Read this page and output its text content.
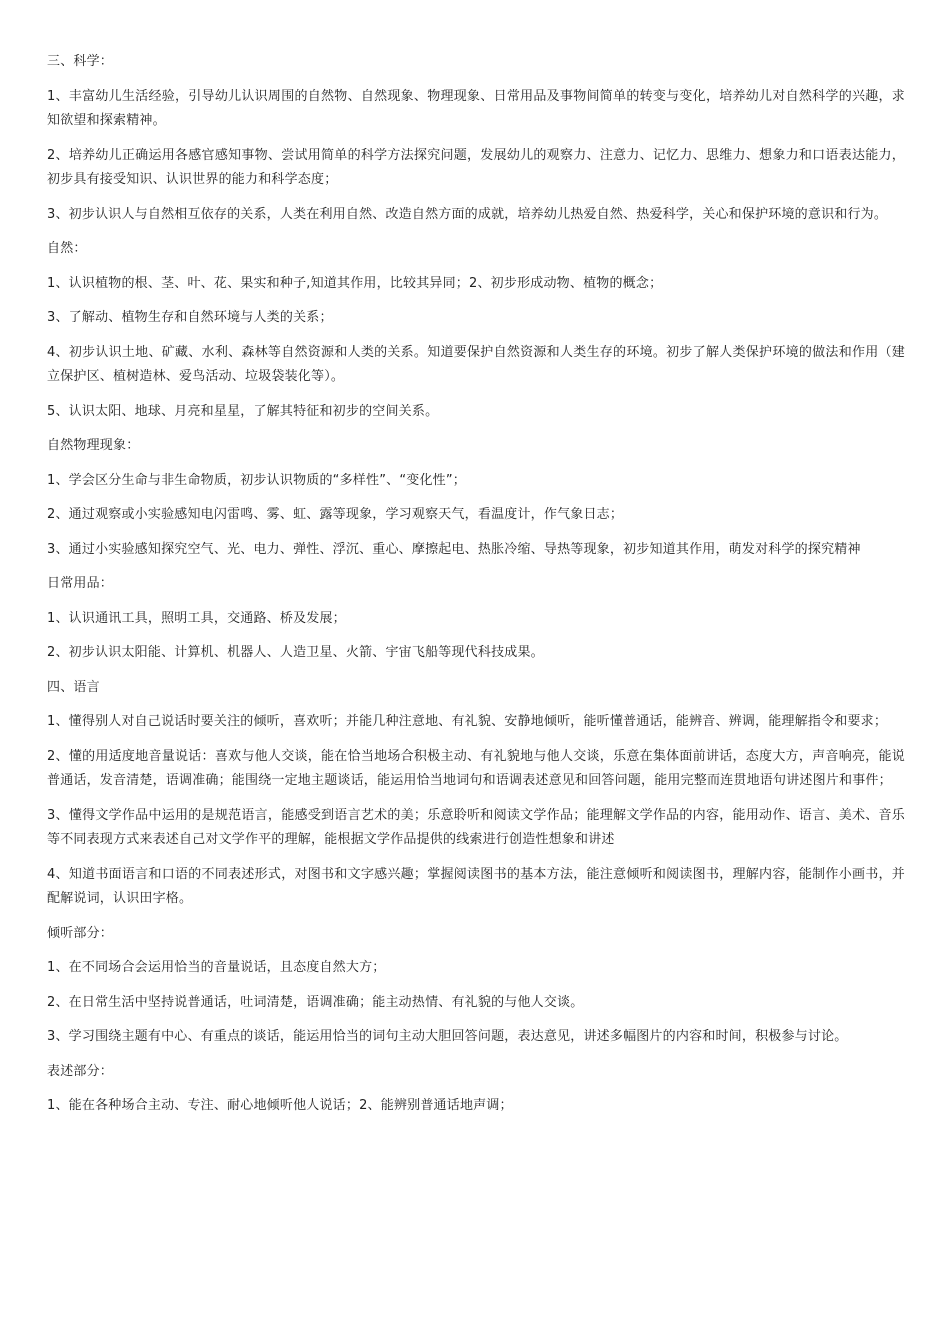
三、科学：

1、丰富幼儿生活经验，引导幼儿认识周围的自然物、自然现象、物理现象、日常用品及事物间简单的转变与变化，培养幼儿对自然科学的兴趣，求知欲望和探索精神。

2、培养幼儿正确运用各感官感知事物、尝试用简单的科学方法探究问题，发展幼儿的观察力、注意力、记忆力、思维力、想象力和口语表达能力，初步具有接受知识、认识世界的能力和科学态度；

3、初步认识人与自然相互依存的关系，人类在利用自然、改造自然方面的成就，培养幼儿热爱自然、热爱科学，关心和保护环境的意识和行为。

自然：

1、认识植物的根、茎、叶、花、果实和种子,知道其作用，比较其异同；2、初步形成动物、植物的概念；

3、了解动、植物生存和自然环境与人类的关系；

4、初步认识土地、矿藏、水利、森林等自然资源和人类的关系。知道要保护自然资源和人类生存的环境。初步了解人类保护环境的做法和作用（建立保护区、植树造林、爱鸟活动、垃圾袋装化等）。

5、认识太阳、地球、月亮和星星，了解其特征和初步的空间关系。

自然物理现象：

1、学会区分生命与非生命物质，初步认识物质的“多样性”、“变化性”；

2、通过观察或小实验感知电闪雷鸣、雾、虹、露等现象，学习观察天气，看温度计，作气象日志；

3、通过小实验感知探究空气、光、电力、弹性、浮沉、重心、摩擦起电、热胀冷缩、导热等现象，初步知道其作用，萌发对科学的探究精神

日常用品：

1、认识通讯工具，照明工具，交通路、桥及发展；

2、初步认识太阳能、计算机、机器人、人造卫星、火箭、宇宙飞船等现代科技成果。

四、语言

1、懂得别人对自己说话时要关注的倾听，喜欢听；并能几种注意地、有礼貌、安静地倾听，能听懂普通话，能辨音、辨调，能理解指令和要求；

2、懂的用适度地音量说话：喜欢与他人交谈，能在恰当地场合积极主动、有礼貌地与他人交谈，乐意在集体面前讲话，态度大方，声音响亮，能说普通话，发音清楚，语调准确；能围绕一定地主题谈话，能运用恰当地词句和语调表述意见和回答问题，能用完整而连贯地语句讲述图片和事件；

3、懂得文学作品中运用的是规范语言，能感受到语言艺术的美；乐意聆听和阅读文学作品；能理解文学作品的内容，能用动作、语言、美术、音乐等不同表现方式来表述自己对文学作平的理解，能根据文学作品提供的线索进行创造性想象和讲述

4、知道书面语言和口语的不同表述形式，对图书和文字感兴趣；掌握阅读图书的基本方法，能注意倾听和阅读图书，理解内容，能制作小画书，并配解说词，认识田字格。

倾听部分：

1、在不同场合会运用恰当的音量说话，且态度自然大方；

2、在日常生活中坚持说普通话，吐词清楚，语调准确；能主动热情、有礼貌的与他人交谈。

3、学习围绕主题有中心、有重点的谈话，能运用恰当的词句主动大胆回答问题，表达意见，讲述多幅图片的内容和时间，积极参与讨论。

表述部分：

1、能在各种场合主动、专注、耐心地倾听他人说话；2、能辨别普通话地声调；
